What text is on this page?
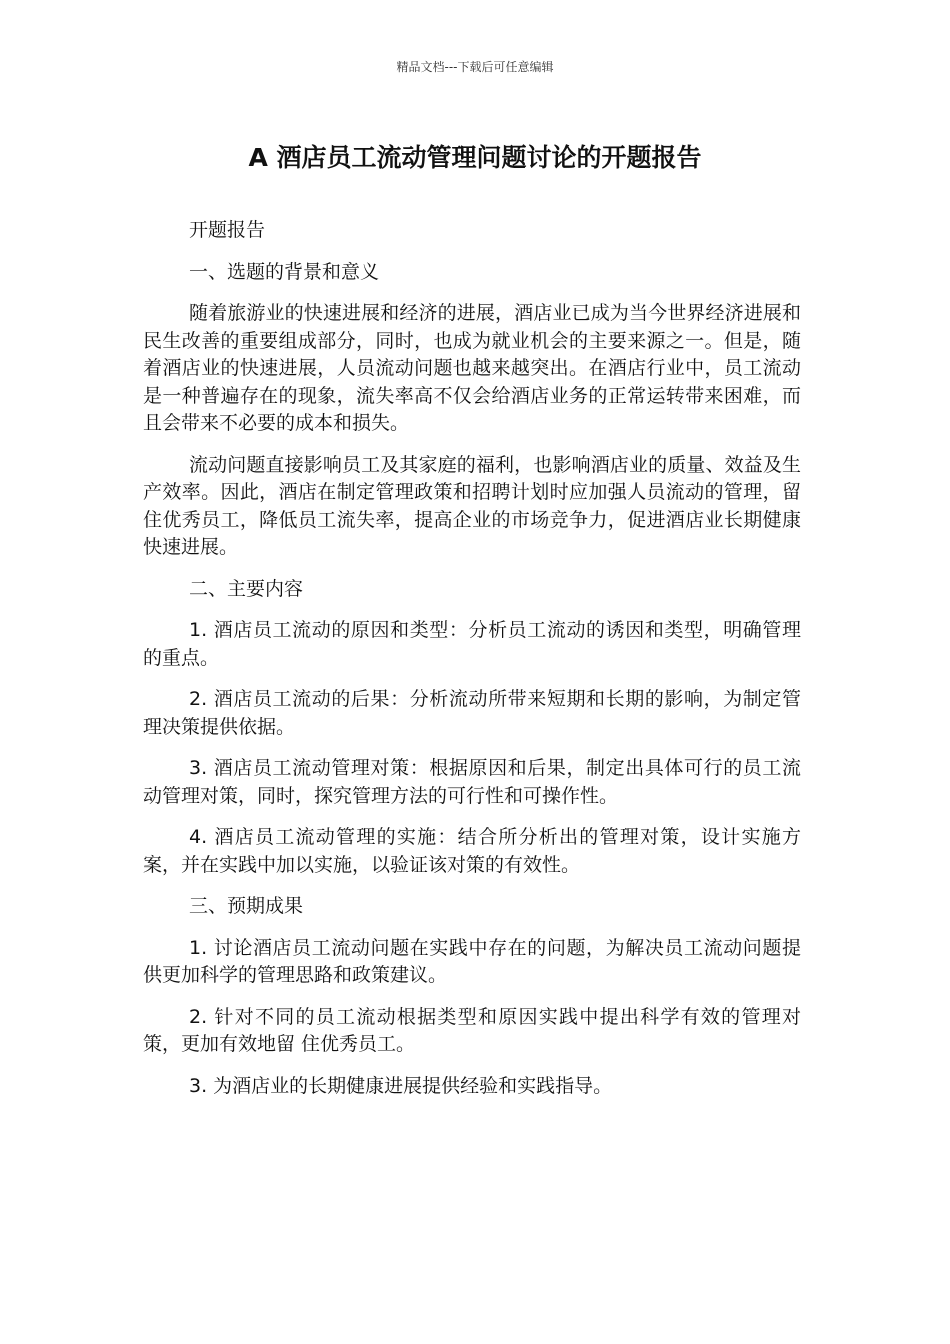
精品文档---下载后可任意编辑
A 酒店员工流动管理问题讨论的开题报告

开题报告

一、选题的背景和意义

随着旅游业的快速进展和经济的进展，酒店业已成为当今世界经济进展和民生改善的重要组成部分，同时，也成为就业机会的主要来源之一。但是，随着酒店业的快速进展，人员流动问题也越来越突出。在酒店行业中，员工流动是一种普遍存在的现象，流失率高不仅会给酒店业务的正常运转带来困难，而且会带来不必要的成本和损失。

流动问题直接影响员工及其家庭的福利，也影响酒店业的质量、效益及生产效率。因此，酒店在制定管理政策和招聘计划时应加强人员流动的管理，留住优秀员工，降低员工流失率，提高企业的市场竞争力，促进酒店业长期健康快速进展。

二、主要内容

1. 酒店员工流动的原因和类型：分析员工流动的诱因和类型，明确管理的重点。

2. 酒店员工流动的后果：分析流动所带来短期和长期的影响，为制定管理决策提供依据。

3. 酒店员工流动管理对策：根据原因和后果，制定出具体可行的员工流动管理对策，同时，探究管理方法的可行性和可操作性。

4. 酒店员工流动管理的实施：结合所分析出的管理对策，设计实施方案，并在实践中加以实施，以验证该对策的有效性。

三、预期成果

1. 讨论酒店员工流动问题在实践中存在的问题，为解决员工流动问题提供更加科学的管理思路和政策建议。

2. 针对不同的员工流动根据类型和原因实践中提出科学有效的管理对策，更加有效地留 住优秀员工。

3. 为酒店业的长期健康进展提供经验和实践指导。
